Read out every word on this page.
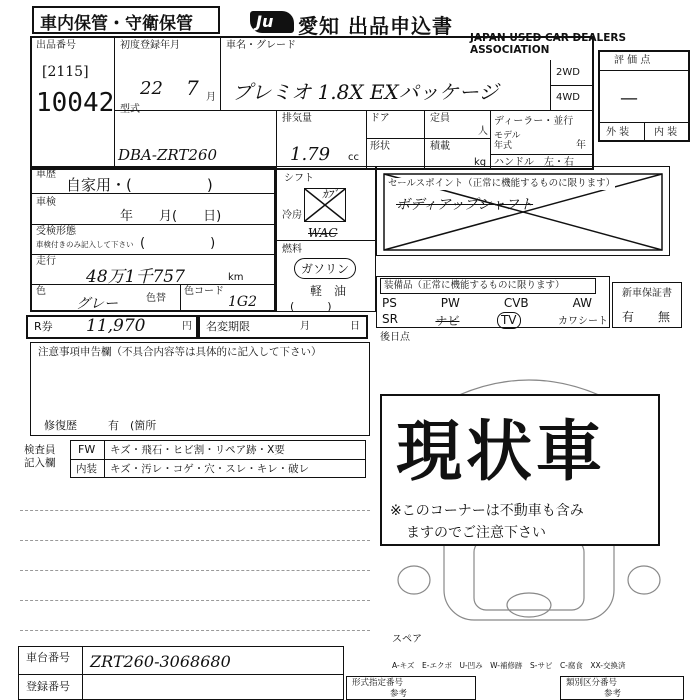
車内保管・守衛保管	Ju 愛知 出品申込書 JAPAN USED CAR DEALERS ASSOCIATION
出品番号
[2115]
10042
初度登録年月
22 7 月
車名・グレード
プレミオ 1.8X EXパッケージ
2WD
4WD
型式
DBA-ZRT260
排気量
1.79 cc
ドア	定員
人
形状	積載
kg
ディーラー・並行
モデル
年式	年
ハンドル　左・右
評 価 点
—
外 装 内 装
車歴
自家用・(　　　　　)
車検
年　　月(　　日)
受検形態
車検付きのみ記入して下さい (　　　　　)
走行
48万1千757	km
色
グレー	色替
色コード
1G2
シフト
冷房
ｶﾌﾞ
WAC
燃料
ガソリン
軽　油
(　　　)
セールスポイント（正常に機能するものに限ります）
ボディアップシャフト
装備品（正常に機能するものに限ります）
PS	PW	CVB	AW
SR	ナビ	TV	カワシート
新車保証書
有 無
R券 11,970	円 名変期限	月	日
注意事項申告欄（不具合内容等は具体的に記入して下さい）
修復歴	有　(箇所
後日点
検査員
記入欄
FW キズ・飛石・ヒビ割・リペア跡・X要
内装 キズ・汚レ・コゲ・穴・スレ・キレ・破レ 現状車
※このコーナーは不動車も含み
ますのでご注意下さい
スペア
A-キズ　E-エクボ　U-凹み　W-補修跡　S-サビ　C-腐食　XX-交換済
車台番号 ZRT260-3068680
登録番号	形式指定番号
参考
類別区分番号
参考
